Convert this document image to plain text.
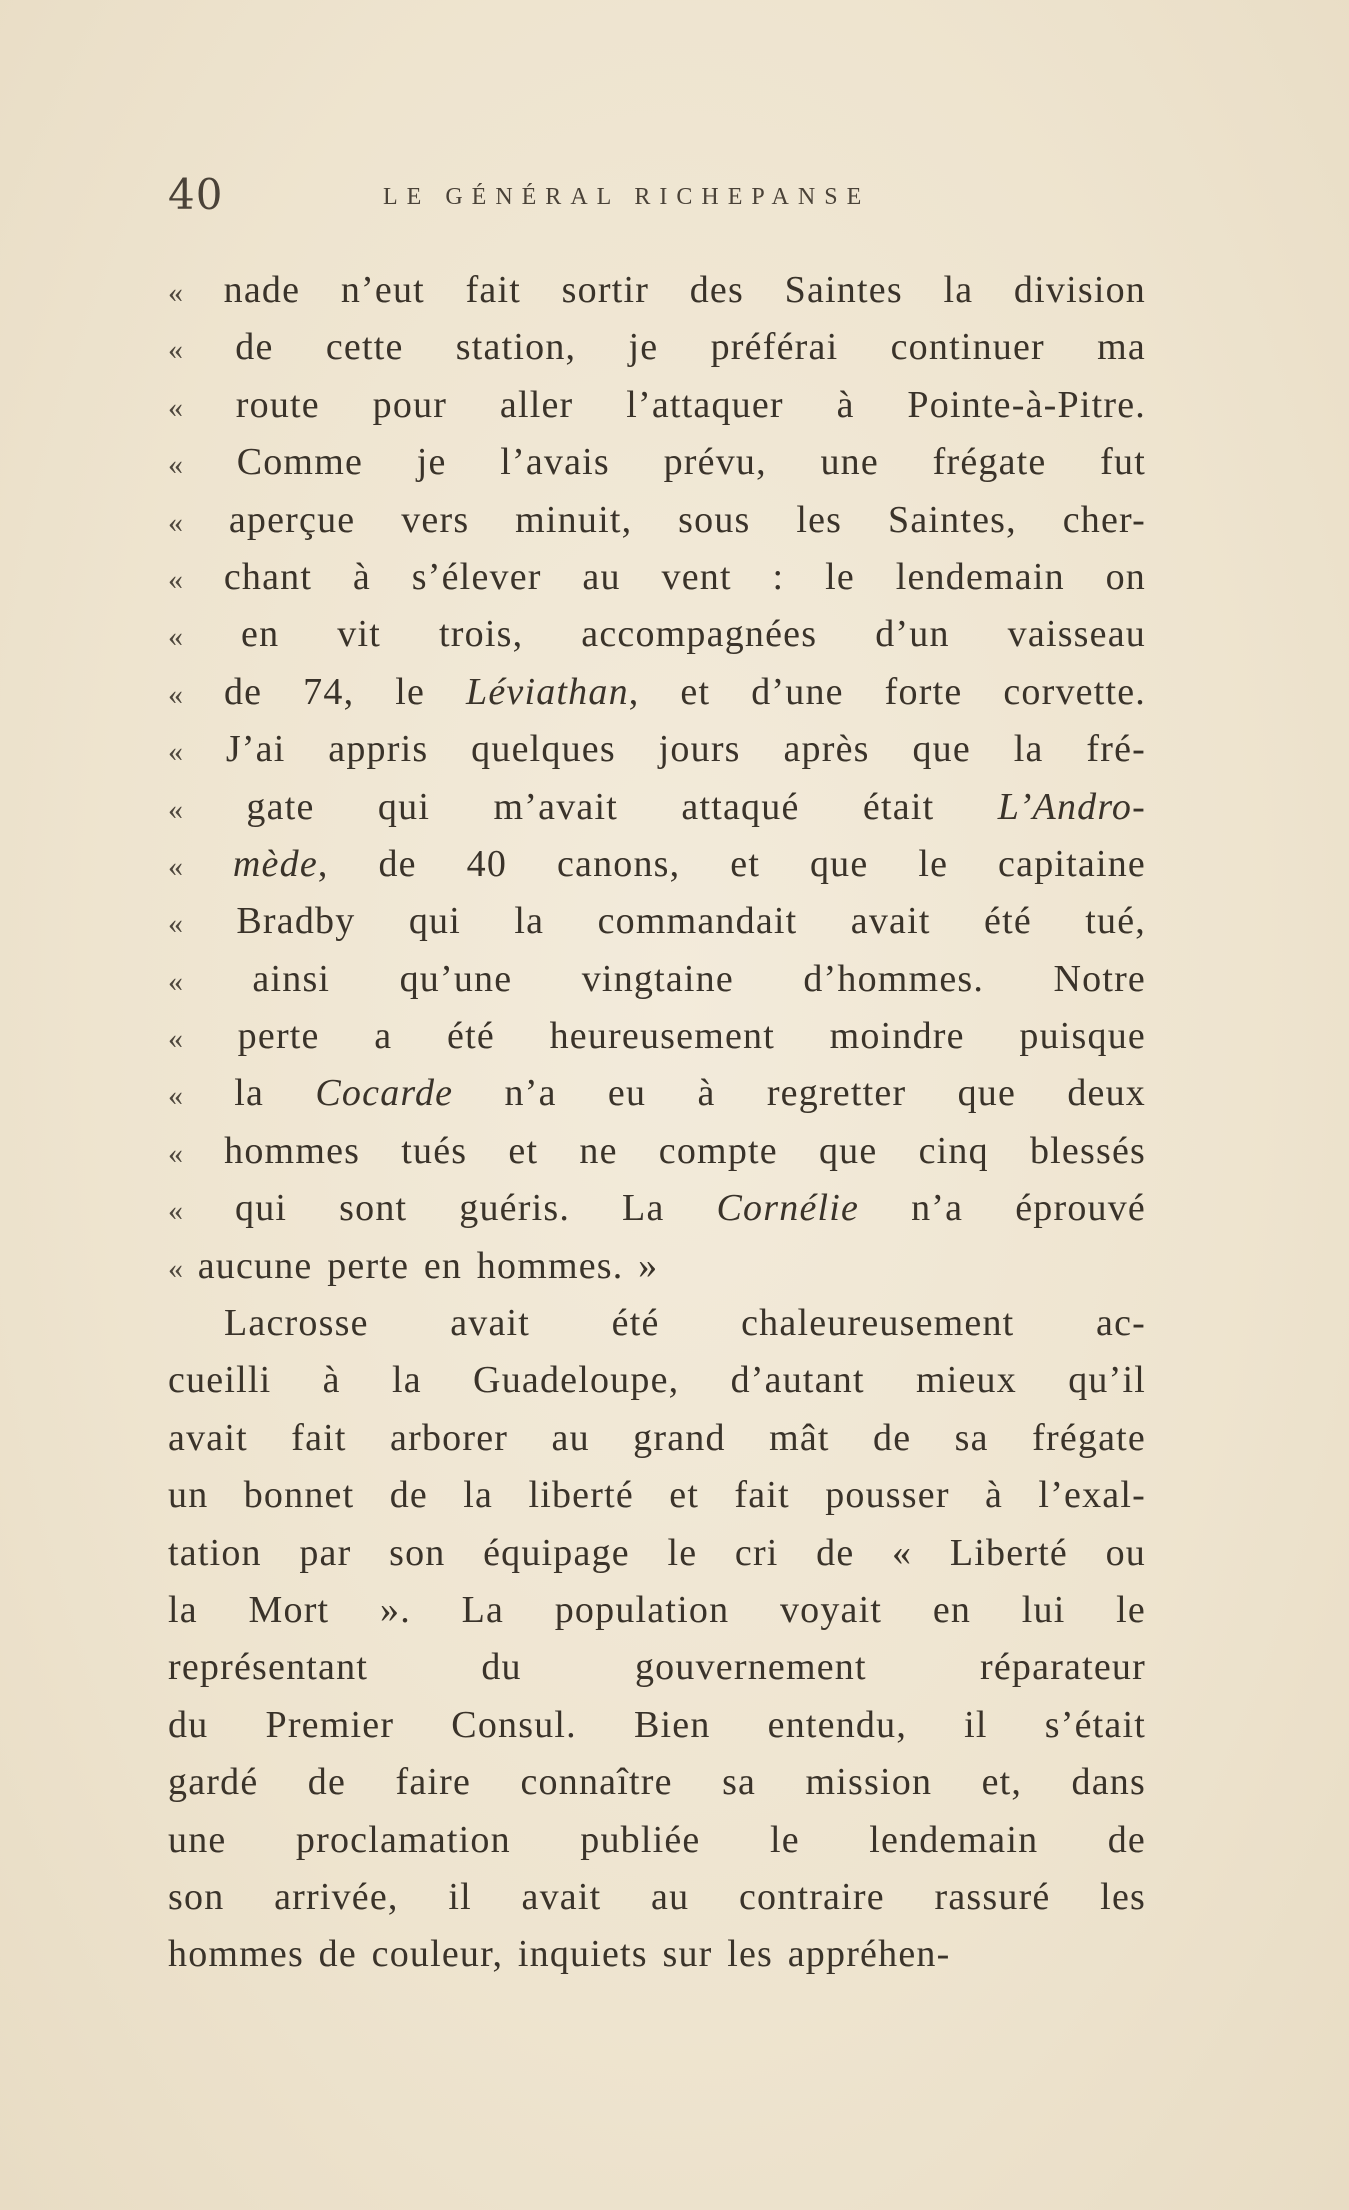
40	LE GÉNÉRAL RICHEPANSE
« nade n’eut fait sortir des Saintes la division
« de cette station, je préférai continuer ma
« route pour aller l’attaquer à Pointe-à-Pitre.
« Comme je l’avais prévu, une frégate fut
« aperçue vers minuit, sous les Saintes, cher-
« chant à s’élever au vent : le lendemain on
« en vit trois, accompagnées d’un vaisseau
« de 74, le Léviathan, et d’une forte corvette.
« J’ai appris quelques jours après que la fré-
« gate qui m’avait attaqué était L’Andro-
« mède, de 40 canons, et que le capitaine
« Bradby qui la commandait avait été tué,
« ainsi qu’une vingtaine d’hommes. Notre
« perte a été heureusement moindre puisque
« la Cocarde n’a eu à regretter que deux
« hommes tués et ne compte que cinq blessés
« qui sont guéris. La Cornélie n’a éprouvé
« aucune perte en hommes. »
Lacrosse avait été chaleureusement ac-
cueilli à la Guadeloupe, d’autant mieux qu’il
avait fait arborer au grand mât de sa frégate
un bonnet de la liberté et fait pousser à l’exal-
tation par son équipage le cri de « Liberté ou
la Mort ». La population voyait en lui le
représentant du gouvernement réparateur
du Premier Consul. Bien entendu, il s’était
gardé de faire connaître sa mission et, dans
une proclamation publiée le lendemain de
son arrivée, il avait au contraire rassuré les
hommes de couleur, inquiets sur les appréhen-
